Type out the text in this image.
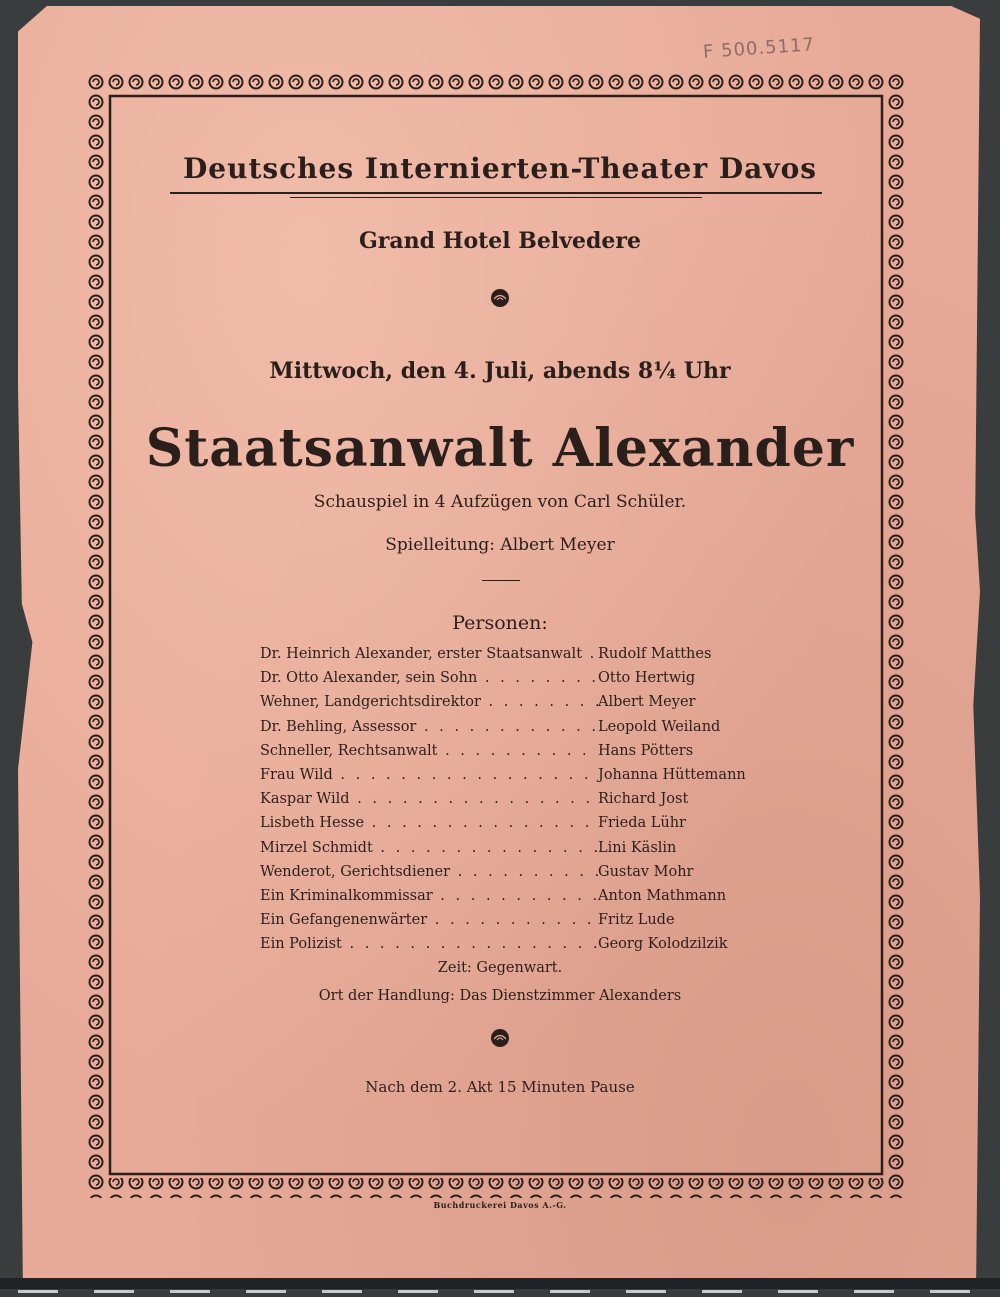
F 500.5117
Deutsches Internierten-Theater Davos
Grand Hotel Belvedere
Mittwoch, den 4. Juli, abends 8¼ Uhr
Staatsanwalt Alexander
Schauspiel in 4 Aufzügen von Carl Schüler.
Spielleitung: Albert Meyer
Personen:
Dr. Heinrich Alexander, erster Staatsanwalt . . .	Rudolf Matthes
Dr. Otto Alexander, sein Sohn . . .	Otto Hertwig
Wehner, Landgerichtsdirektor . . .	Albert Meyer
Dr. Behling, Assessor . . .	Leopold Weiland
Schneller, Rechtsanwalt . . .	Hans Pötters
Frau Wild . . .	Johanna Hüttemann
Kaspar Wild . . .	Richard Jost
Lisbeth Hesse . . .	Frieda Lühr
Mirzel Schmidt . . .	Lini Käslin
Wenderot, Gerichtsdiener . . .	Gustav Mohr
Ein Kriminalkommissar . . .	Anton Mathmann
Ein Gefangenenwärter . . .	Fritz Lude
Ein Polizist . . .	Georg Kolodzilzik
Zeit: Gegenwart.
Ort der Handlung: Das Dienstzimmer Alexanders
Nach dem 2. Akt 15 Minuten Pause
Buchdruckerei Davos A.-G.
